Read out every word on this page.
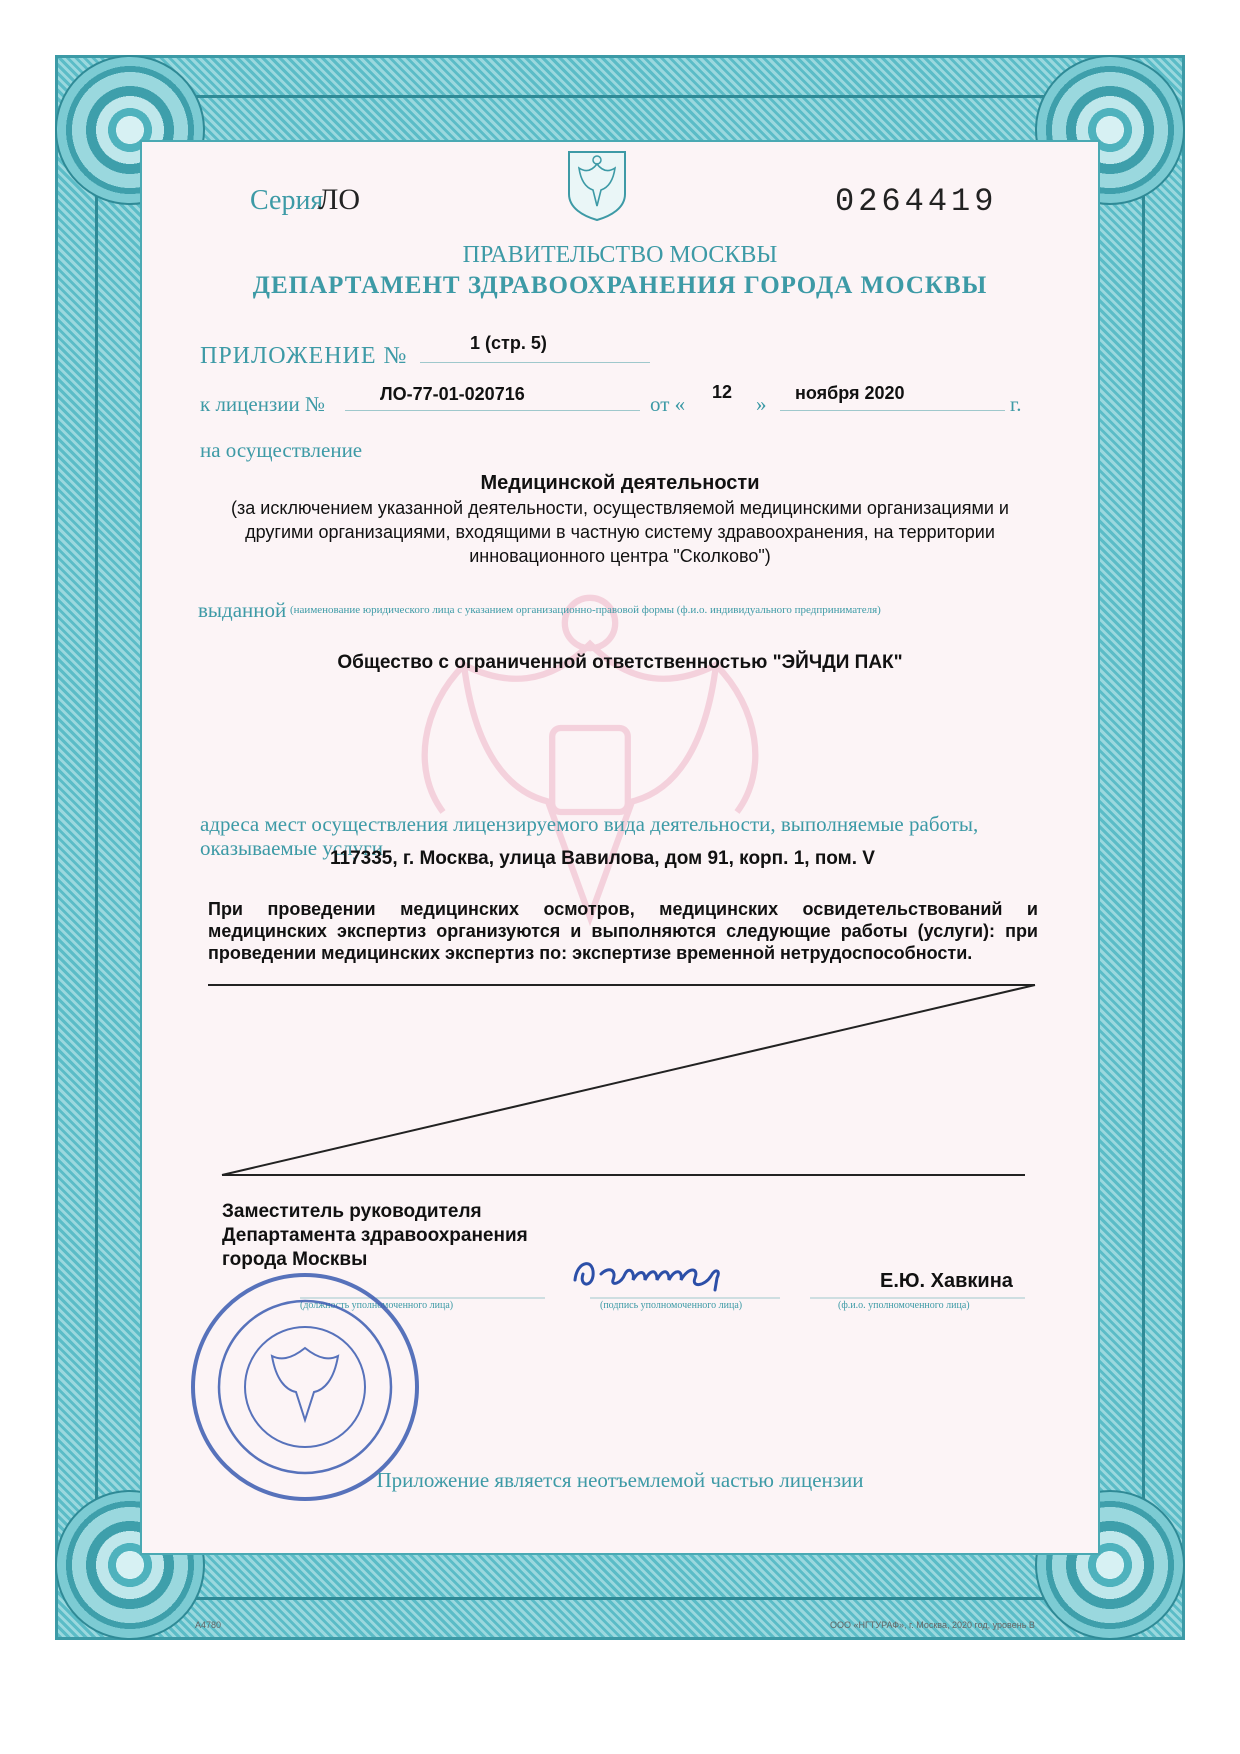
Серия
ЛО	0264419
ПРАВИТЕЛЬСТВО МОСКВЫ
ДЕПАРТАМЕНТ ЗДРАВООХРАНЕНИЯ ГОРОДА МОСКВЫ
ПРИЛОЖЕНИЕ №	1 (стр. 5)
к лицензии №	ЛО-77-01-020716	от « 12 » ноября 2020	г.
на осуществление
Медицинской деятельности
(за исключением указанной деятельности, осуществляемой медицинскими организациями и другими организациями, входящими в частную систему здравоохранения, на территории инновационного центра "Сколково")
выданной (наименование юридического лица с указанием организационно-правовой формы (ф.и.о. индивидуального предпринимателя)
Общество с ограниченной ответственностью "ЭЙЧДИ ПАК"
адреса мест осуществления лицензируемого вида деятельности, выполняемые работы, оказываемые услуги
117335, г. Москва, улица Вавилова, дом 91, корп. 1, пом. V
При проведении медицинских осмотров, медицинских освидетельствований и медицинских экспертиз организуются и выполняются следующие работы (услуги): при проведении медицинских экспертиз по: экспертизе временной нетрудоспособности.
Заместитель руководителя Департамента здравоохранения города Москвы
Е.Ю. Хавкина
(должность уполномоченного лица)	(подпись уполномоченного лица)	(ф.и.о. уполномоченного лица)
Приложение является неотъемлемой частью лицензии
А4780	ООО «НГТУРАФ», г. Москва, 2020 год, уровень В
